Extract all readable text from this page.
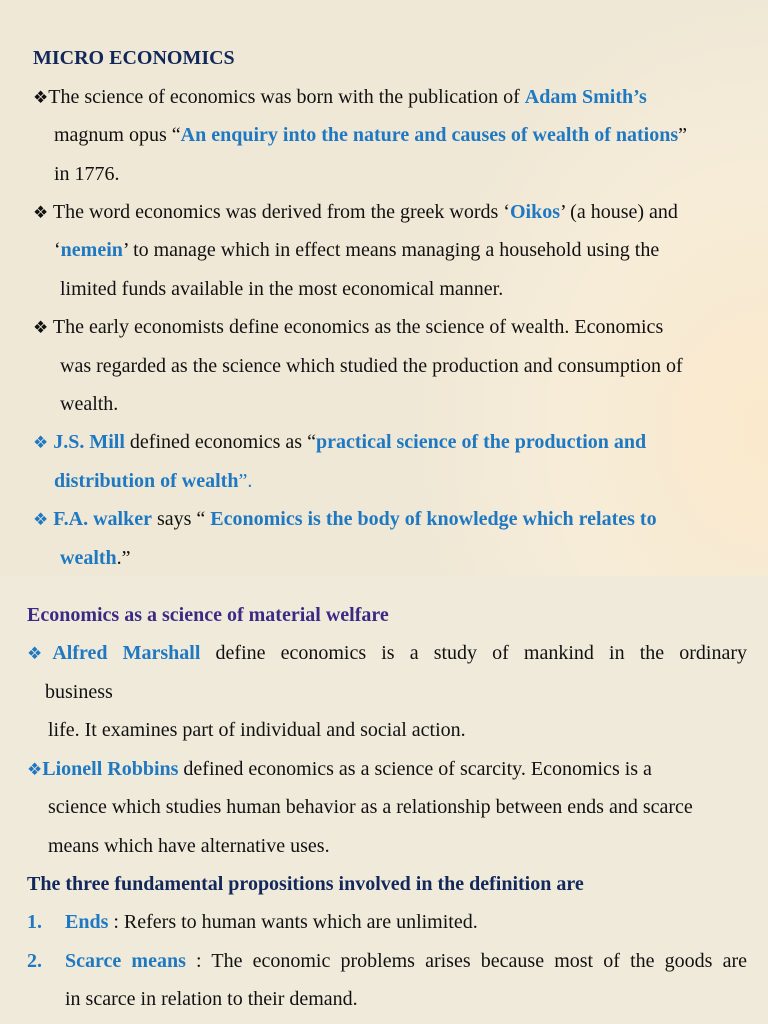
MICRO ECONOMICS
❖The science of economics was born with the publication of Adam Smith’s
magnum opus “An enquiry into the nature and causes of wealth of nations”
in 1776.
❖ The word economics was derived from the greek words ‘Oikos’ (a house) and
‘nemein’ to manage which in effect means managing a household using the
limited funds available in the most economical manner.
❖ The early economists define economics as the science of wealth. Economics
was regarded as the science which studied the production and consumption of
wealth.
❖ J.S. Mill defined economics as “practical science of the production and
distribution of wealth”.
❖ F.A. walker says “ Economics is the body of knowledge which relates to
wealth.”
Economics as a science of material welfare
❖Alfred Marshall define economics is a study of mankind in the ordinary
business
life. It examines part of individual and social action.
❖Lionell Robbins defined economics as a science of scarcity. Economics is a
science which studies human behavior as a relationship between ends and scarce
means which have alternative uses.
The three fundamental propositions involved in the definition are
1. Ends : Refers to human wants which are unlimited.
2. Scarce means : The economic problems arises because most of the goods are
in scarce in relation to their demand.
